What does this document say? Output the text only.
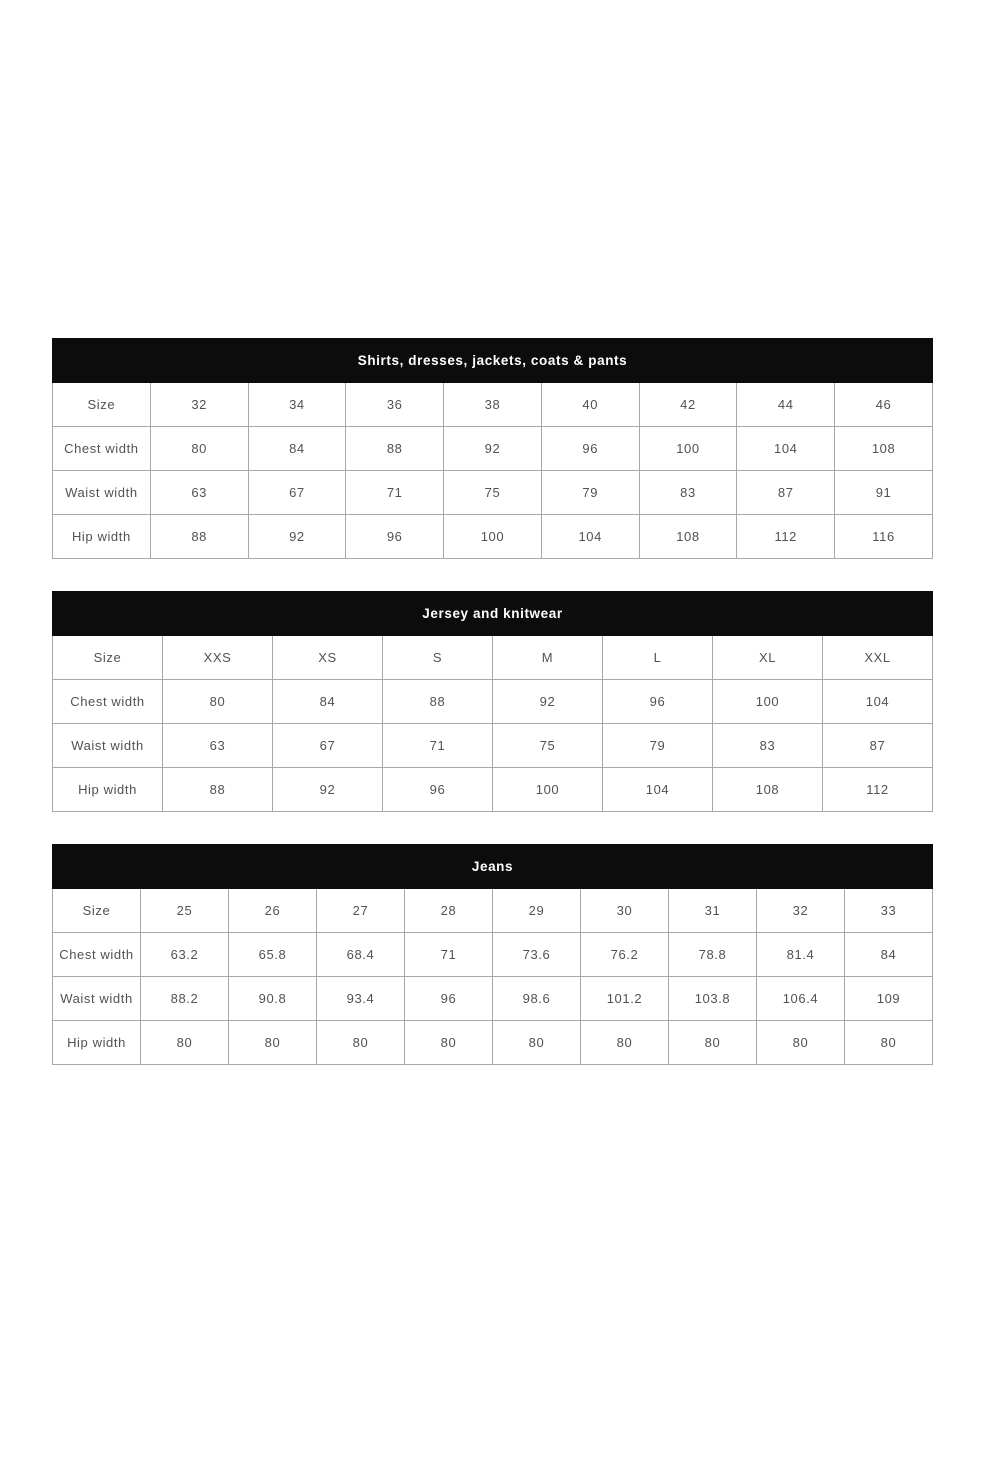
Shirts, dresses, jackets, coats & pants								
Size	32	34	36	38	40	42	44	46
Chest width	80	84	88	92	96	100	104	108
Waist width	63	67	71	75	79	83	87	91
Hip width	88	92	96	100	104	108	112	116
Jersey and knitwear							
Size	XXS	XS	S	M	L	XL	XXL
Chest width	80	84	88	92	96	100	104
Waist width	63	67	71	75	79	83	87
Hip width	88	92	96	100	104	108	112
Jeans									
Size	25	26	27	28	29	30	31	32	33
Chest width	63.2	65.8	68.4	71	73.6	76.2	78.8	81.4	84
Waist width	88.2	90.8	93.4	96	98.6	101.2	103.8	106.4	109
Hip width	80	80	80	80	80	80	80	80	80
